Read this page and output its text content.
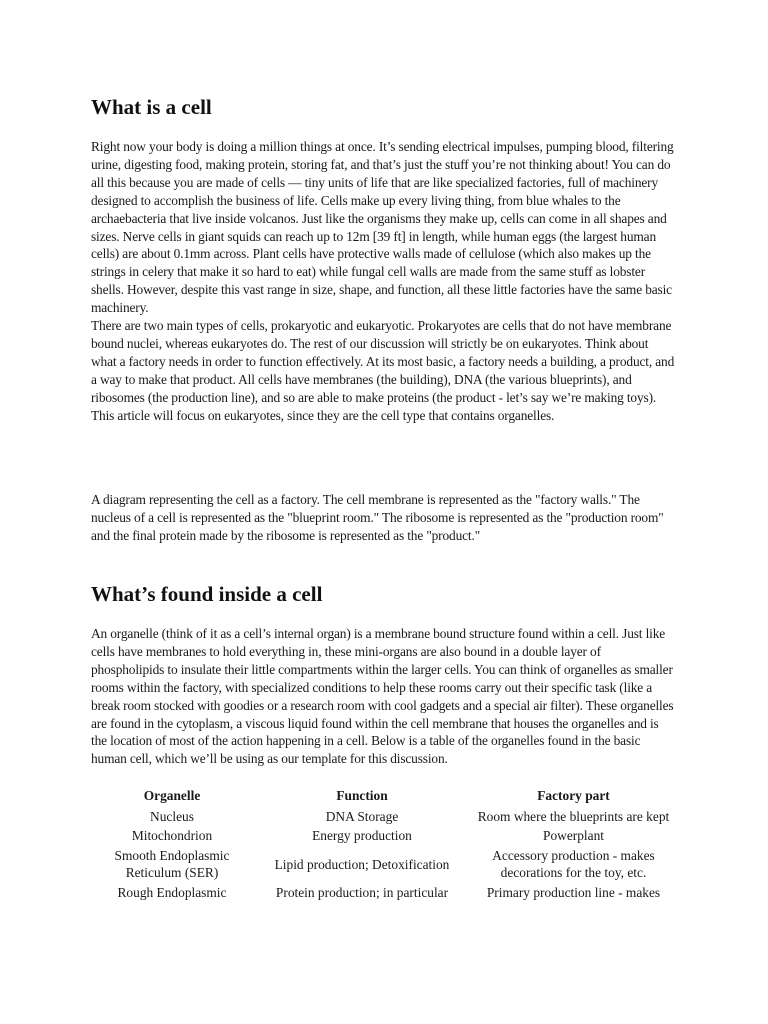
What is a cell

Right now your body is doing a million things at once. It’s sending electrical impulses, pumping blood, filtering urine, digesting food, making protein, storing fat, and that’s just the stuff you’re not thinking about! You can do all this because you are made of cells — tiny units of life that are like specialized factories, full of machinery designed to accomplish the business of life. Cells make up every living thing, from blue whales to the archaebacteria that live inside volcanos. Just like the organisms they make up, cells can come in all shapes and sizes. Nerve cells in giant squids can reach up to 12m [39 ft] in length, while human eggs (the largest human cells) are about 0.1mm across. Plant cells have protective walls made of cellulose (which also makes up the strings in celery that make it so hard to eat) while fungal cell walls are made from the same stuff as lobster shells. However, despite this vast range in size, shape, and function, all these little factories have the same basic machinery.

There are two main types of cells, prokaryotic and eukaryotic. Prokaryotes are cells that do not have membrane bound nuclei, whereas eukaryotes do. The rest of our discussion will strictly be on eukaryotes. Think about what a factory needs in order to function effectively. At its most basic, a factory needs a building, a product, and a way to make that product. All cells have membranes (the building), DNA (the various blueprints), and ribosomes (the production line), and so are able to make proteins (the product - let’s say we’re making toys). This article will focus on eukaryotes, since they are the cell type that contains organelles.

A diagram representing the cell as a factory. The cell membrane is represented as the "factory walls." The nucleus of a cell is represented as the "blueprint room." The ribosome is represented as the "production room" and the final protein made by the ribosome is represented as the "product."

What’s found inside a cell

An organelle (think of it as a cell’s internal organ) is a membrane bound structure found within a cell. Just like cells have membranes to hold everything in, these mini-organs are also bound in a double layer of phospholipids to insulate their little compartments within the larger cells. You can think of organelles as smaller rooms within the factory, with specialized conditions to help these rooms carry out their specific task (like a break room stocked with goodies or a research room with cool gadgets and a special air filter). These organelles are found in the cytoplasm, a viscous liquid found within the cell membrane that houses the organelles and is the location of most of the action happening in a cell. Below is a table of the organelles found in the basic human cell, which we’ll be using as our template for this discussion.

Organelle	Function	Factory part
Nucleus	DNA Storage	Room where the blueprints are kept
Mitochondrion	Energy production	Powerplant
Smooth Endoplasmic Reticulum (SER)	Lipid production; Detoxification	Accessory production - makes decorations for the toy, etc.
Rough Endoplasmic	Protein production; in particular	Primary production line - makes
